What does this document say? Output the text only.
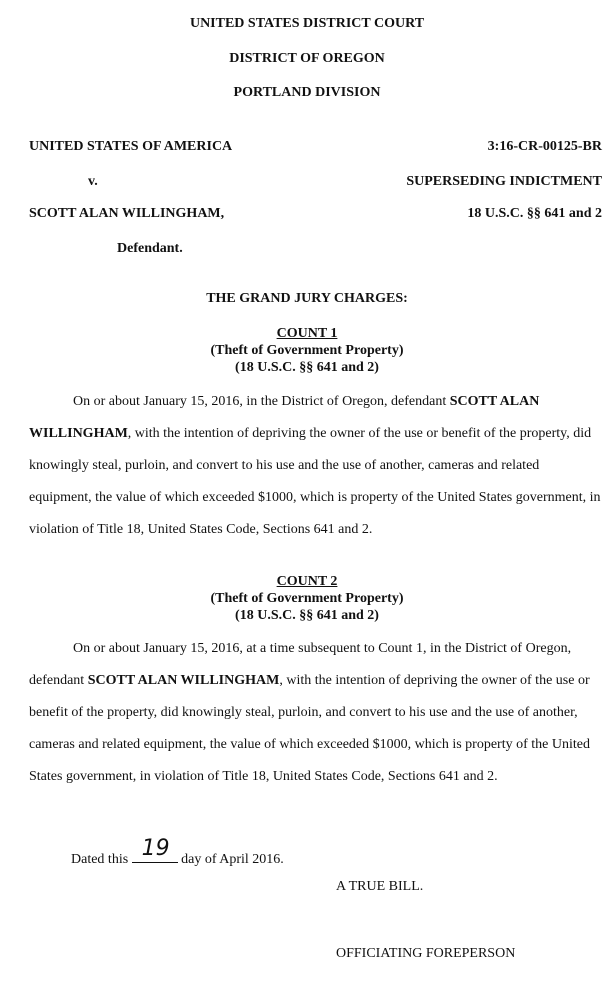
UNITED STATES DISTRICT COURT
DISTRICT OF OREGON
PORTLAND DIVISION
UNITED STATES OF AMERICA
v.
SCOTT ALAN WILLINGHAM,
Defendant.
3:16-CR-00125-BR
SUPERSEDING INDICTMENT
18 U.S.C. §§ 641 and 2
THE GRAND JURY CHARGES:
COUNT 1
(Theft of Government Property)
(18 U.S.C. §§ 641 and 2)

On or about January 15, 2016, in the District of Oregon, defendant SCOTT ALAN WILLINGHAM, with the intention of depriving the owner of the use or benefit of the property, did knowingly steal, purloin, and convert to his use and the use of another, cameras and related equipment, the value of which exceeded $1000, which is property of the United States government, in violation of Title 18, United States Code, Sections 641 and 2.

COUNT 2
(Theft of Government Property)
(18 U.S.C. §§ 641 and 2)

On or about January 15, 2016, at a time subsequent to Count 1, in the District of Oregon, defendant SCOTT ALAN WILLINGHAM, with the intention of depriving the owner of the use or benefit of the property, did knowingly steal, purloin, and convert to his use and the use of another, cameras and related equipment, the value of which exceeded $1000, which is property of the United States government, in violation of Title 18, United States Code, Sections 641 and 2.

Dated this 19 day of April 2016.
A TRUE BILL.
OFFICIATING FOREPERSON
